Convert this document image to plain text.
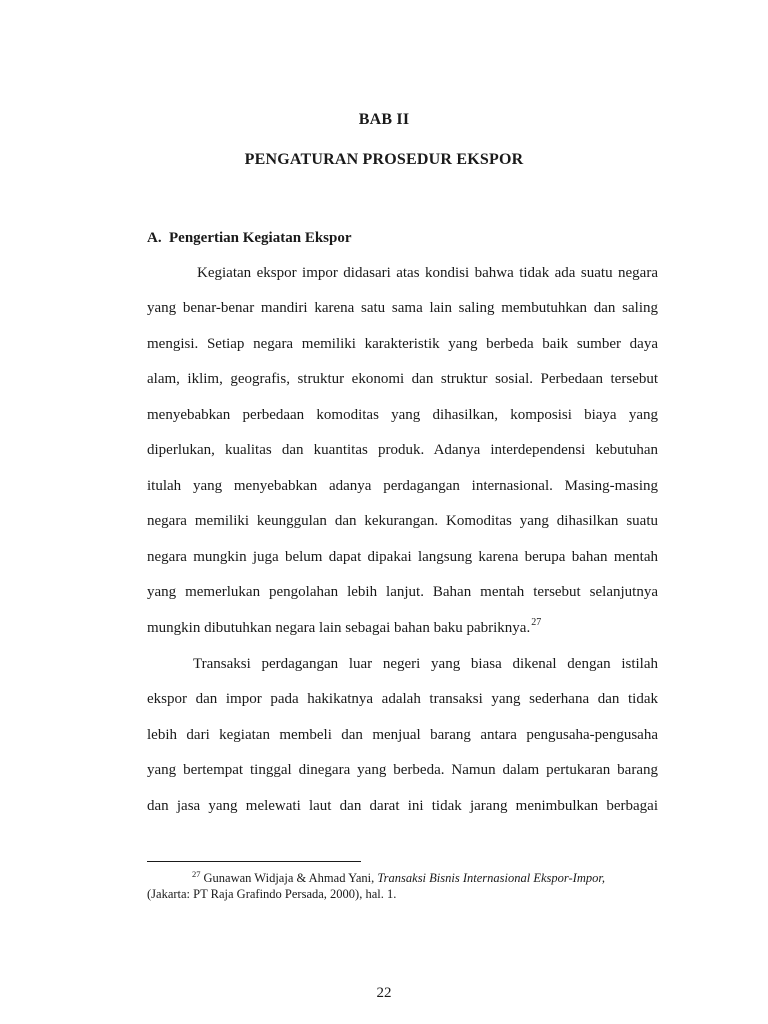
BAB II
PENGATURAN PROSEDUR EKSPOR
A. Pengertian Kegiatan Ekspor
Kegiatan ekspor impor didasari atas kondisi bahwa tidak ada suatu negara
yang benar-benar mandiri karena satu sama lain saling membutuhkan dan saling
mengisi. Setiap negara memiliki karakteristik yang berbeda baik sumber daya
alam, iklim, geografis, struktur ekonomi dan struktur sosial. Perbedaan tersebut
menyebabkan perbedaan komoditas yang dihasilkan, komposisi biaya yang
diperlukan, kualitas dan kuantitas produk. Adanya interdependensi kebutuhan
itulah yang menyebabkan adanya perdagangan internasional. Masing-masing
negara memiliki keunggulan dan kekurangan. Komoditas yang dihasilkan suatu
negara mungkin juga belum dapat dipakai langsung karena berupa bahan mentah
yang memerlukan pengolahan lebih lanjut. Bahan mentah tersebut selanjutnya
mungkin dibutuhkan negara lain sebagai bahan baku pabriknya.$^{27}$
Transaksi perdagangan luar negeri yang biasa dikenal dengan istilah
ekspor dan impor pada hakikatnya adalah transaksi yang sederhana dan tidak
lebih dari kegiatan membeli dan menjual barang antara pengusaha-pengusaha
yang bertempat tinggal dinegara yang berbeda. Namun dalam pertukaran barang
dan jasa yang melewati laut dan darat ini tidak jarang menimbulkan berbagai
$^{27}$ Gunawan Widjaja & Ahmad Yani, Transaksi Bisnis Internasional Ekspor-Impor,
(Jakarta: PT Raja Grafindo Persada, 2000), hal. 1.
22
